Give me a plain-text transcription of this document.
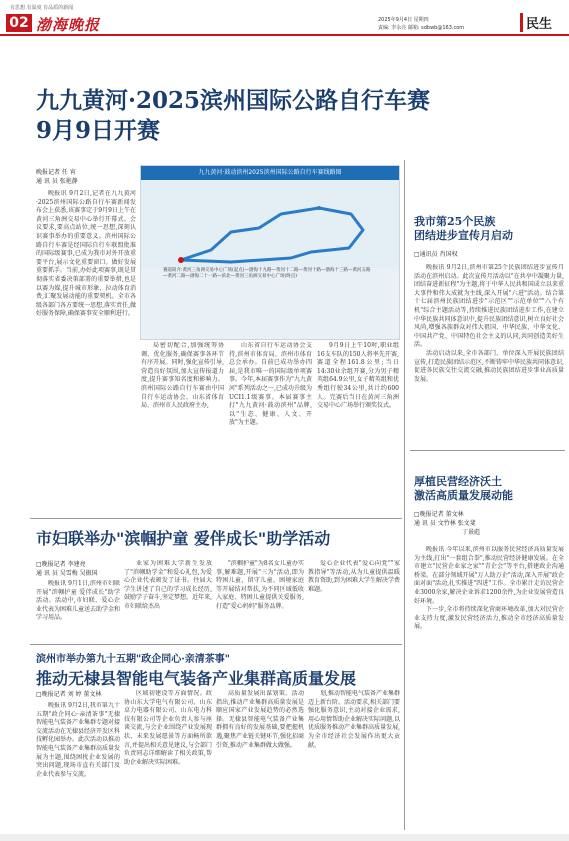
有思想 有温度 有品质的新闻
02 渤海晚报	2025年9月4日 星期四
责编: 李永亮 邮箱: sdbwb@163.com	民生
九九黄河·2025滨州国际公路自行车赛
9月9日开赛
晚报记者 任 宵
通 讯 员 张艳静

晚报讯 9月2日,记者在九九黄河·2025滨州国际公路自行车赛新闻发布会上获悉,该赛事定于9月9日上午在黄河三角洲交易中心举行开幕式。会议要求,要高点站位,统一思想,深刻认识赛事举办的重要意义。滨州国际公路自行车赛是经国际自行车联盟批准的国际级赛事,已成为我市对外开放重要平台,展示文化重要窗口。做好发展重要抓手。当前,办好此项赛事,既是贯彻落实省委决策部署的重要举措,也是以赛为媒,提升城市形象、拉动体育消费,汇聚发展动能的重要契机。全市各级各部门各方要统一思想,落实责任,做好服务保障,确保赛事安全顺利进行。

局密切配合,加强统筹协调、优化服务,确保赛事各环节有序开展。同时,强化宣传引导,营造良好氛围,加大宣传报道力度,提升赛事知名度和影响力。滨州国际公路自行车赛由中国自行车运动协会、山东省体育局、滨州市人民政府主办,

山东省自行车运动协会支持,滨州市体育局、滨州市体育总会承办。自前已成功举办四届,是我市唯一的国际级单项赛事。今年,本届赛事作为"九九黄河"系列活动之一,已成功升级为UCI1.1级赛事。本届赛事主打"九九黄河·鼓动滨州"品牌,以"生态、健康、人文、开放"为主题。

9月9日上午10时,职业组16支车队的150人将率先开赛,赛道全程161.8公里;当日14:30业余组开赛,分为男子精英组64.9公里,女子精英组和优秀组行驶34公里,共计约600人。完赛后当日在黄河三角洲交易中心广场举行颁奖仪式。

九九黄河·鼓动滨州2025滨州国际公路自行车赛线路图
赛道简介:黄河三角洲交易中心广场(起点)—渤海十九路—黄河十二路—黄河十路—渤海十三路—黄河五路—黄河二路—渤海二十一路—滨北—黄河三角洲交易中心广场(终点)
我市第25个民族
团结进步宣传月启动
□通讯员 肖国权

晚报讯 9月2日,滨州市第25个民族团结进步宣传月活动在滨州启动。此次宣传月活动以"在共享中凝聚力量,团结奋进新征程"为主题,将于中华人民共和国成立以来重大事件和伟大成就为主线,深入开展"六进"活动。结合第十七届滨州民族团结进步"示范区""示范单位""八个有机"综合主题活动等,持续推进民族团结进步工作,在建立中华民族共同体意识中,提升民族团结意识,树立良好社会风尚,增强各族群众对伟大祖国、中华民族、中华文化、中国共产党、中国特色社会主义的认同,共同创造美好生活。

活动启动以来,全市各部门、单位深入开展民族团结宣传,打造民族团结示范区,不断铸牢中华民族共同体意识,促进各民族交往交流交融,推动民族团结进步事业高质量发展。

厚植民营经济沃土
激活高质量发展动能
□晚报记者 董文林
通 讯 员 文竹林 张文斐
丁景彪

晚报讯 今年以来,滨州市以服务民营经济高质量发展为主线,打出"一套组合拳",推动民营经济健康发展。在全市建立"民营企业家之家""青企会"等平台,搭建政企沟通桥梁。在部分领域开展"万人助万企"活动,深入开展"政企面对面"活动,扎实推进"四进"工作。全市累计走访民营企业3000余家,解决企业诉求1200余件,为企业发展营造良好环境。

下一步,全市将持续深化营商环境改革,加大对民营企业支持力度,激发民营经济活力,推动全市经济高质量发展。

市妇联举办"滨帼护童 爱伴成长"助学活动
□晚报记者 李建亮
通 讯 员 吴雪梅 吴振国

晚报讯 9月1日,滨州市妇联开展"滨帼护童 爱伴成长"助学活动。活动中,市妇联、爱心企业代表为困难儿童送去助学金和学习用品。

业家为困难大学新生发放了"滨帼助学金"和爱心礼包,为爱心企业代表颁发了证书。往届大学生讲述了自己的学习成长经历,鼓励学子奋斗,坚定梦想。近年来,市妇联给杰出

"滨帼护童"为8名女儿童办实事,解难题,开展"三为"活动,即为特困儿童、留守儿童、困境家庭等开展结对帮扶,为不同区域低收入家庭、特困儿童提供关爱服务,打造"爱心妈妈"服务品牌。

爱心企业代表"爱心向党""家教指导"等活动,从为儿童提供温暖教育资助,到为困难大学生解决学费难题。

滨州市举办第九十五期"政企同心·亲清茶事"
推动无棣县智能电气装备产业集群高质量发展
□晚报记者 刘 婷 董文林

晚报讯 9月2日,我市第九十五期"政企同心·亲清茶事"无棣智能电气装备产业集群专题对接交流活动在无棣县经济开发区科技孵化园举办。此次活动以推动智能电气装备产业集群高质量发展为主题,围绕困扰企业发展的突出问题,现场市直有关部门及企业代表参与交流。

区域初建设等方面情况。政协山东大学电气有限公司、山东卓力电器有限公司、山东电力科技有限公司等企业负责人参与座谈交流,与会企业围绕产业发展现状、未来发展愿景等方面畅所欲言,并提出相关意见建议,与会部门负责同志详细解读了相关政策,帮助企业解决实际困难。

高质量发展出谋划策。活动指出,推动产业集群高质量发展是顺应国家产业发展趋势的必然选择。无棣县智能电气装备产业集群拥有良好的发展基础,要把握机遇,聚焦产业链关键环节,强化招商引资,推动产业集群做大做强。

划,推动智能电气装备产业集群迈上新台阶。活动要求,相关部门要强化服务意识,主动对接企业需求,用心用情帮助企业解决实际问题,以优质服务推动产业集群高质量发展,为全市经济社会发展作出更大贡献。
